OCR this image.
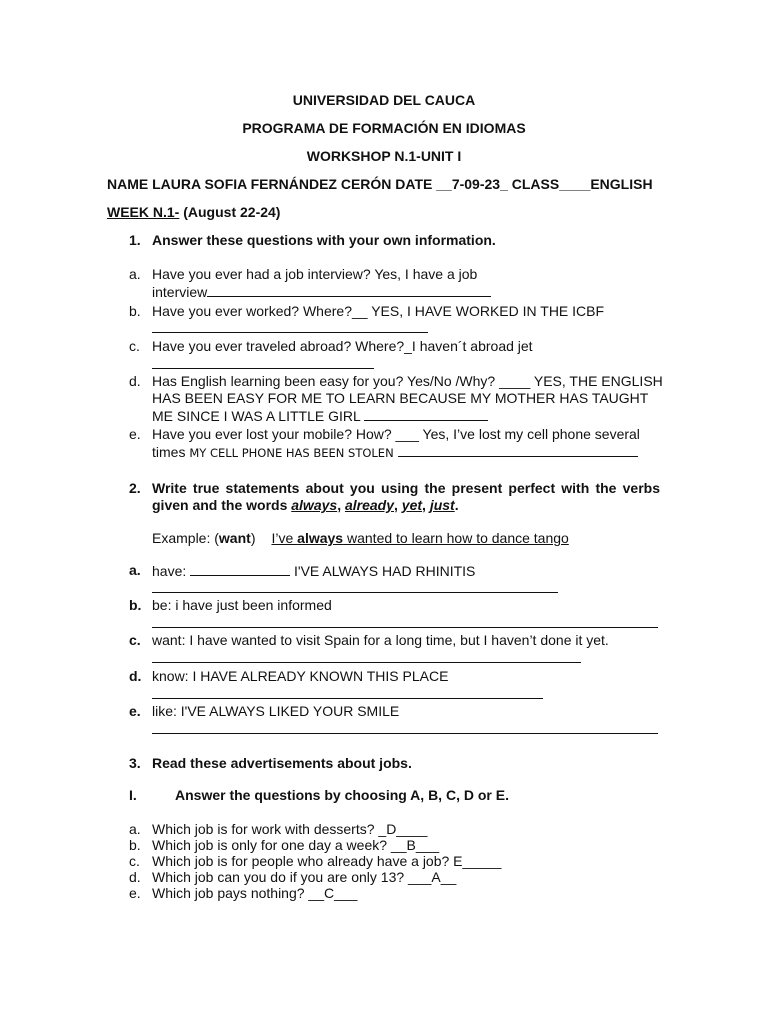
UNIVERSIDAD DEL CAUCA
PROGRAMA DE FORMACIÓN EN IDIOMAS
WORKSHOP N.1-UNIT I
NAME LAURA SOFIA FERNÁNDEZ CERÓN DATE __7-09-23_ CLASS____ENGLISH
WEEK N.1- (August 22-24)
1. Answer these questions with your own information.
a. Have you ever had a job interview? Yes, I have a job
interview
b. Have you ever worked? Where?__ YES, I HAVE WORKED IN THE ICBF
c. Have you ever traveled abroad? Where?_I haven´t abroad jet
d. Has English learning been easy for you? Yes/No /Why? ____ YES, THE ENGLISH
HAS BEEN EASY FOR ME TO LEARN BECAUSE MY MOTHER HAS TAUGHT
ME SINCE I WAS A LITTLE GIRL
e. Have you ever lost your mobile? How? ___ Yes, I’ve lost my cell phone several
times MY CELL PHONE HAS BEEN STOLEN
2. Write true statements about you using the present perfect with the verbs
given and the words always, already, yet, just.
Example: (want) I’ve always wanted to learn how to dance tango
a. have:	I'VE ALWAYS HAD RHINITIS
b. be: i have just been informed
c. want: I have wanted to visit Spain for a long time, but I haven’t done it yet.
d. know: I HAVE ALREADY KNOWN THIS PLACE
e. like: I'VE ALWAYS LIKED YOUR SMILE
3. Read these advertisements about jobs.
I.	Answer the questions by choosing A, B, C, D or E.
a. Which job is for work with desserts? _D____
b. Which job is only for one day a week? __B___
c. Which job is for people who already have a job? E_____
d. Which job can you do if you are only 13? ___A__
e. Which job pays nothing? __C___
